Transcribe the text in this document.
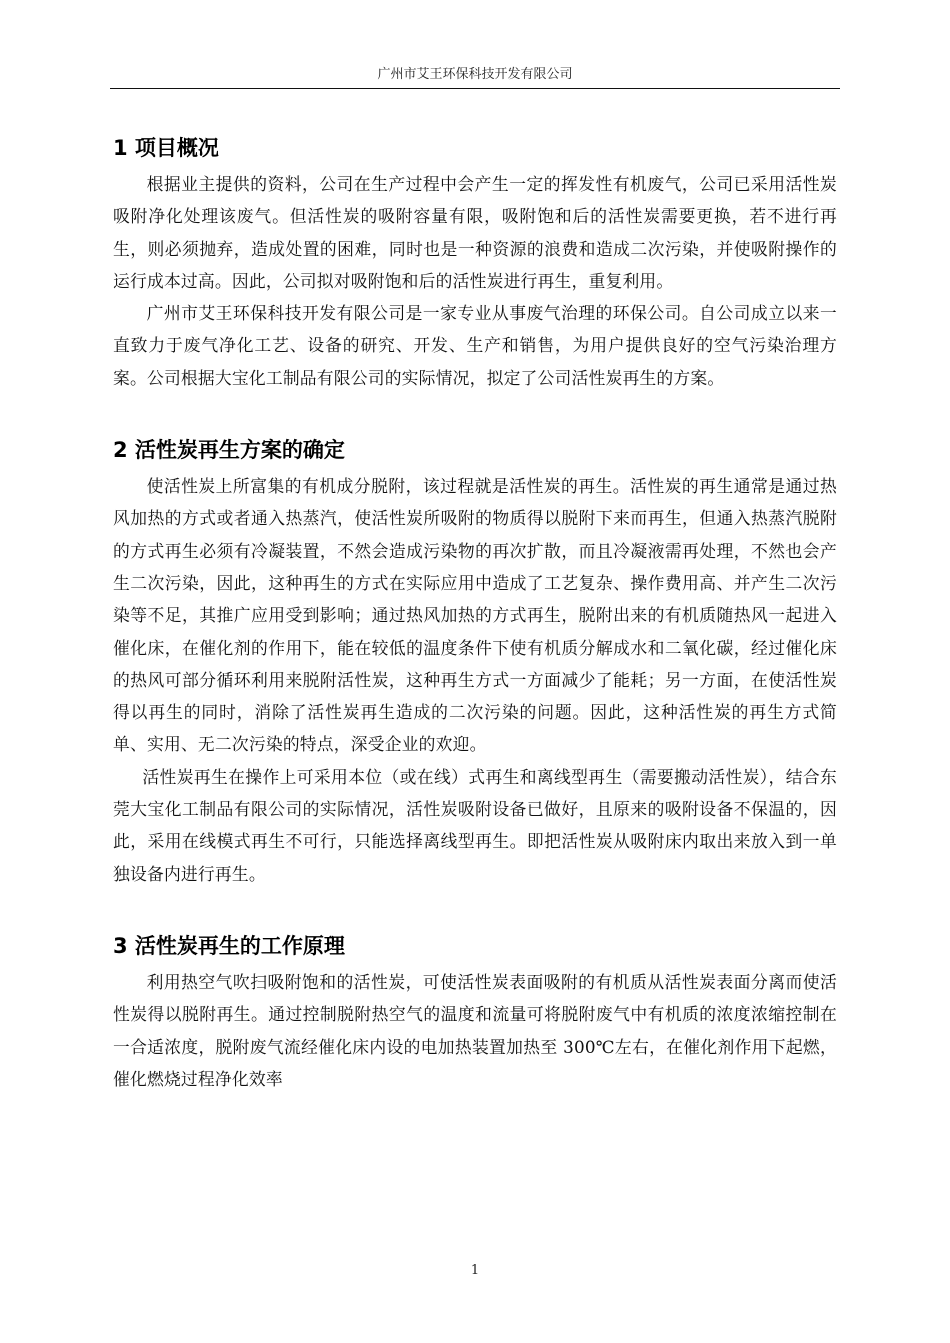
广州市艾王环保科技开发有限公司
1 项目概况

根据业主提供的资料，公司在生产过程中会产生一定的挥发性有机废气，公司已采用活性炭吸附净化处理该废气。但活性炭的吸附容量有限，吸附饱和后的活性炭需要更换，若不进行再生，则必须抛弃，造成处置的困难，同时也是一种资源的浪费和造成二次污染，并使吸附操作的运行成本过高。因此，公司拟对吸附饱和后的活性炭进行再生，重复利用。

广州市艾王环保科技开发有限公司是一家专业从事废气治理的环保公司。自公司成立以来一直致力于废气净化工艺、设备的研究、开发、生产和销售，为用户提供良好的空气污染治理方案。公司根据大宝化工制品有限公司的实际情况，拟定了公司活性炭再生的方案。

2 活性炭再生方案的确定

使活性炭上所富集的有机成分脱附，该过程就是活性炭的再生。活性炭的再生通常是通过热风加热的方式或者通入热蒸汽，使活性炭所吸附的物质得以脱附下来而再生，但通入热蒸汽脱附的方式再生必须有冷凝装置，不然会造成污染物的再次扩散，而且冷凝液需再处理，不然也会产生二次污染，因此，这种再生的方式在实际应用中造成了工艺复杂、操作费用高、并产生二次污染等不足，其推广应用受到影响；通过热风加热的方式再生，脱附出来的有机质随热风一起进入催化床，在催化剂的作用下，能在较低的温度条件下使有机质分解成水和二氧化碳，经过催化床的热风可部分循环利用来脱附活性炭，这种再生方式一方面减少了能耗；另一方面，在使活性炭得以再生的同时，消除了活性炭再生造成的二次污染的问题。因此，这种活性炭的再生方式简单、实用、无二次污染的特点，深受企业的欢迎。

活性炭再生在操作上可采用本位（或在线）式再生和离线型再生（需要搬动活性炭），结合东莞大宝化工制品有限公司的实际情况，活性炭吸附设备已做好，且原来的吸附设备不保温的，因此，采用在线模式再生不可行，只能选择离线型再生。即把活性炭从吸附床内取出来放入到一单独设备内进行再生。

3 活性炭再生的工作原理

利用热空气吹扫吸附饱和的活性炭，可使活性炭表面吸附的有机质从活性炭表面分离而使活性炭得以脱附再生。通过控制脱附热空气的温度和流量可将脱附废气中有机质的浓度浓缩控制在一合适浓度，脱附废气流经催化床内设的电加热装置加热至 300℃左右，在催化剂作用下起燃，催化燃烧过程净化效率

1
